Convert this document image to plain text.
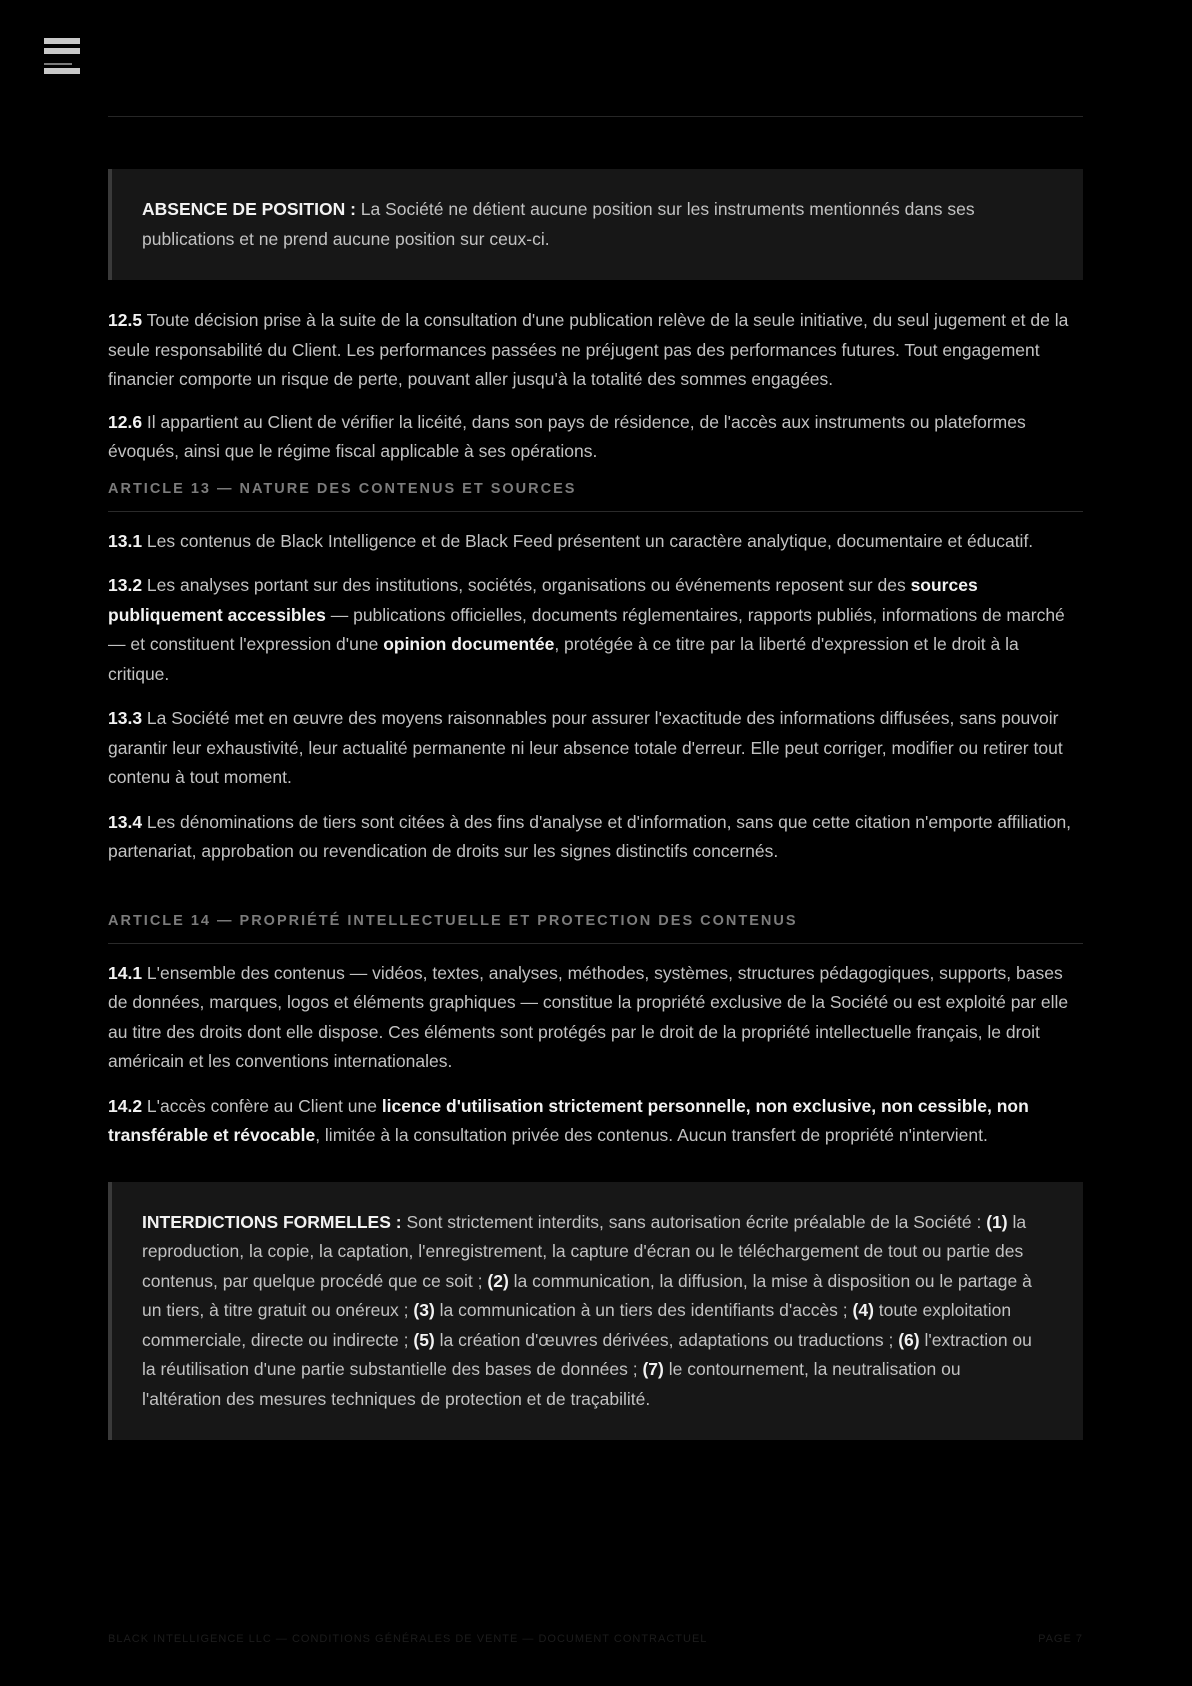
ABSENCE DE POSITION : La Société ne détient aucune position sur les instruments mentionnés dans ses publications et ne prend aucune position sur ceux-ci.

12.5 Toute décision prise à la suite de la consultation d'une publication relève de la seule initiative, du seul jugement et de la seule responsabilité du Client. Les performances passées ne préjugent pas des performances futures. Tout engagement financier comporte un risque de perte, pouvant aller jusqu'à la totalité des sommes engagées.

12.6 Il appartient au Client de vérifier la licéité, dans son pays de résidence, de l'accès aux instruments ou plateformes évoqués, ainsi que le régime fiscal applicable à ses opérations.

ARTICLE 13 — NATURE DES CONTENUS ET SOURCES

13.1 Les contenus de Black Intelligence et de Black Feed présentent un caractère analytique, documentaire et éducatif.

13.2 Les analyses portant sur des institutions, sociétés, organisations ou événements reposent sur des sources publiquement accessibles — publications officielles, documents réglementaires, rapports publiés, informations de marché — et constituent l'expression d'une opinion documentée, protégée à ce titre par la liberté d'expression et le droit à la critique.

13.3 La Société met en œuvre des moyens raisonnables pour assurer l'exactitude des informations diffusées, sans pouvoir garantir leur exhaustivité, leur actualité permanente ni leur absence totale d'erreur. Elle peut corriger, modifier ou retirer tout contenu à tout moment.

13.4 Les dénominations de tiers sont citées à des fins d'analyse et d'information, sans que cette citation n'emporte affiliation, partenariat, approbation ou revendication de droits sur les signes distinctifs concernés.

ARTICLE 14 — PROPRIÉTÉ INTELLECTUELLE ET PROTECTION DES CONTENUS

14.1 L'ensemble des contenus — vidéos, textes, analyses, méthodes, systèmes, structures pédagogiques, supports, bases de données, marques, logos et éléments graphiques — constitue la propriété exclusive de la Société ou est exploité par elle au titre des droits dont elle dispose. Ces éléments sont protégés par le droit de la propriété intellectuelle français, le droit américain et les conventions internationales.

14.2 L'accès confère au Client une licence d'utilisation strictement personnelle, non exclusive, non cessible, non transférable et révocable, limitée à la consultation privée des contenus. Aucun transfert de propriété n'intervient.

INTERDICTIONS FORMELLES : Sont strictement interdits, sans autorisation écrite préalable de la Société : (1) la reproduction, la copie, la captation, l'enregistrement, la capture d'écran ou le téléchargement de tout ou partie des contenus, par quelque procédé que ce soit ; (2) la communication, la diffusion, la mise à disposition ou le partage à un tiers, à titre gratuit ou onéreux ; (3) la communication à un tiers des identifiants d'accès ; (4) toute exploitation commerciale, directe ou indirecte ; (5) la création d'œuvres dérivées, adaptations ou traductions ; (6) l'extraction ou la réutilisation d'une partie substantielle des bases de données ; (7) le contournement, la neutralisation ou l'altération des mesures techniques de protection et de traçabilité.
BLACK INTELLIGENCE LLC — CONDITIONS GÉNÉRALES DE VENTE — DOCUMENT CONTRACTUEL	PAGE 7
